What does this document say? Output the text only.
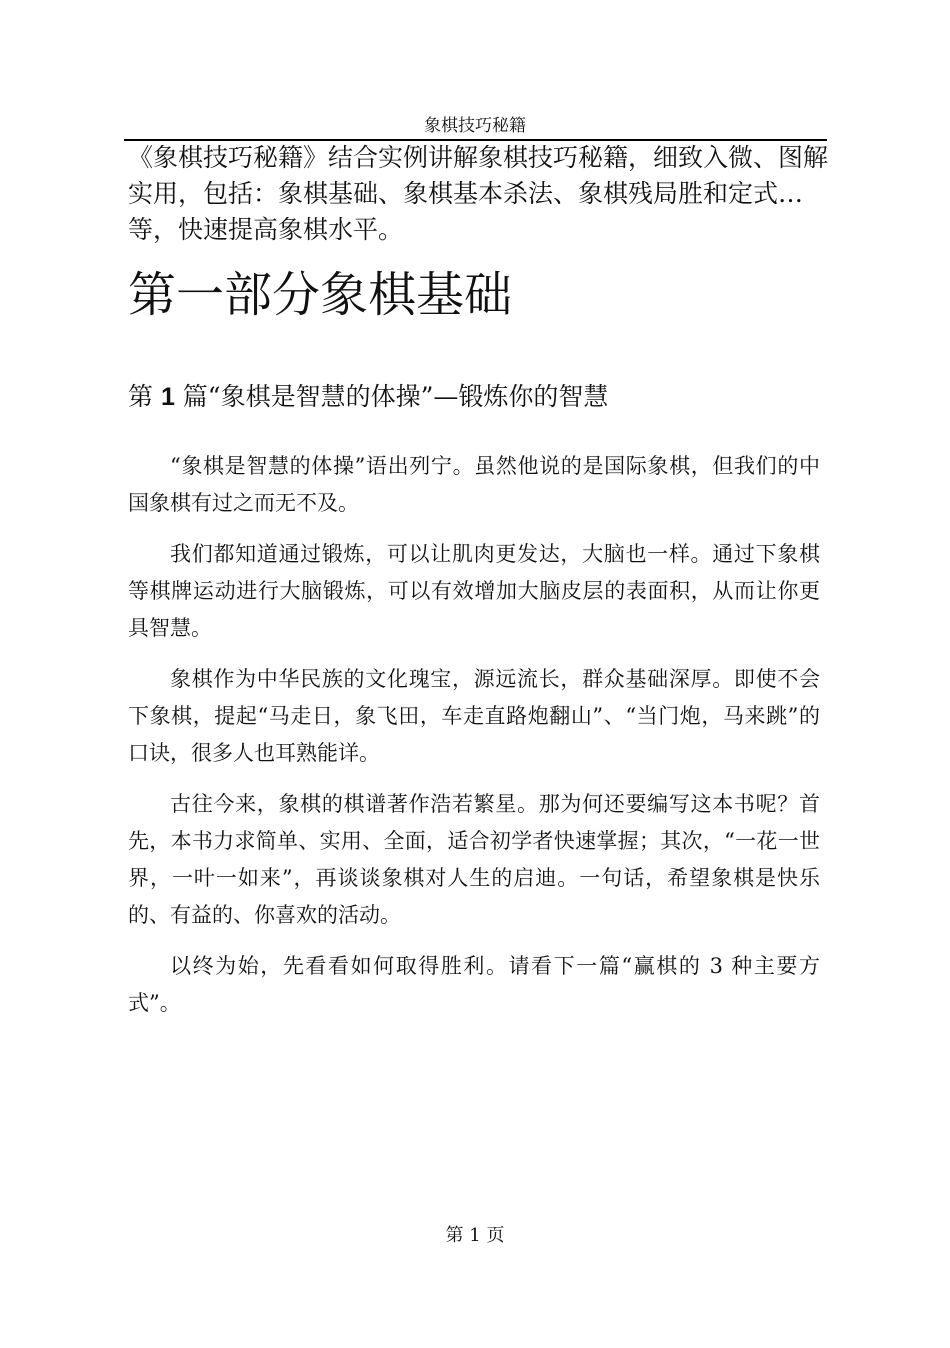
象棋技巧秘籍

《象棋技巧秘籍》结合实例讲解象棋技巧秘籍，细致入微、图解实用，包括：象棋基础、象棋基本杀法、象棋残局胜和定式…等，快速提高象棋水平。

第一部分象棋基础
第 1 篇“象棋是智慧的体操”—锻炼你的智慧

“象棋是智慧的体操”语出列宁。虽然他说的是国际象棋，但我们的中国象棋有过之而无不及。

我们都知道通过锻炼，可以让肌肉更发达，大脑也一样。通过下象棋等棋牌运动进行大脑锻炼，可以有效增加大脑皮层的表面积，从而让你更具智慧。

象棋作为中华民族的文化瑰宝，源远流长，群众基础深厚。即使不会下象棋，提起“马走日，象飞田，车走直路炮翻山”、“当门炮，马来跳”的口诀，很多人也耳熟能详。

古往今来，象棋的棋谱著作浩若繁星。那为何还要编写这本书呢？首先，本书力求简单、实用、全面，适合初学者快速掌握；其次，“一花一世界，一叶一如来”，再谈谈象棋对人生的启迪。一句话，希望象棋是快乐的、有益的、你喜欢的活动。

以终为始，先看看如何取得胜利。请看下一篇“赢棋的 3 种主要方式”。

第 1 页
